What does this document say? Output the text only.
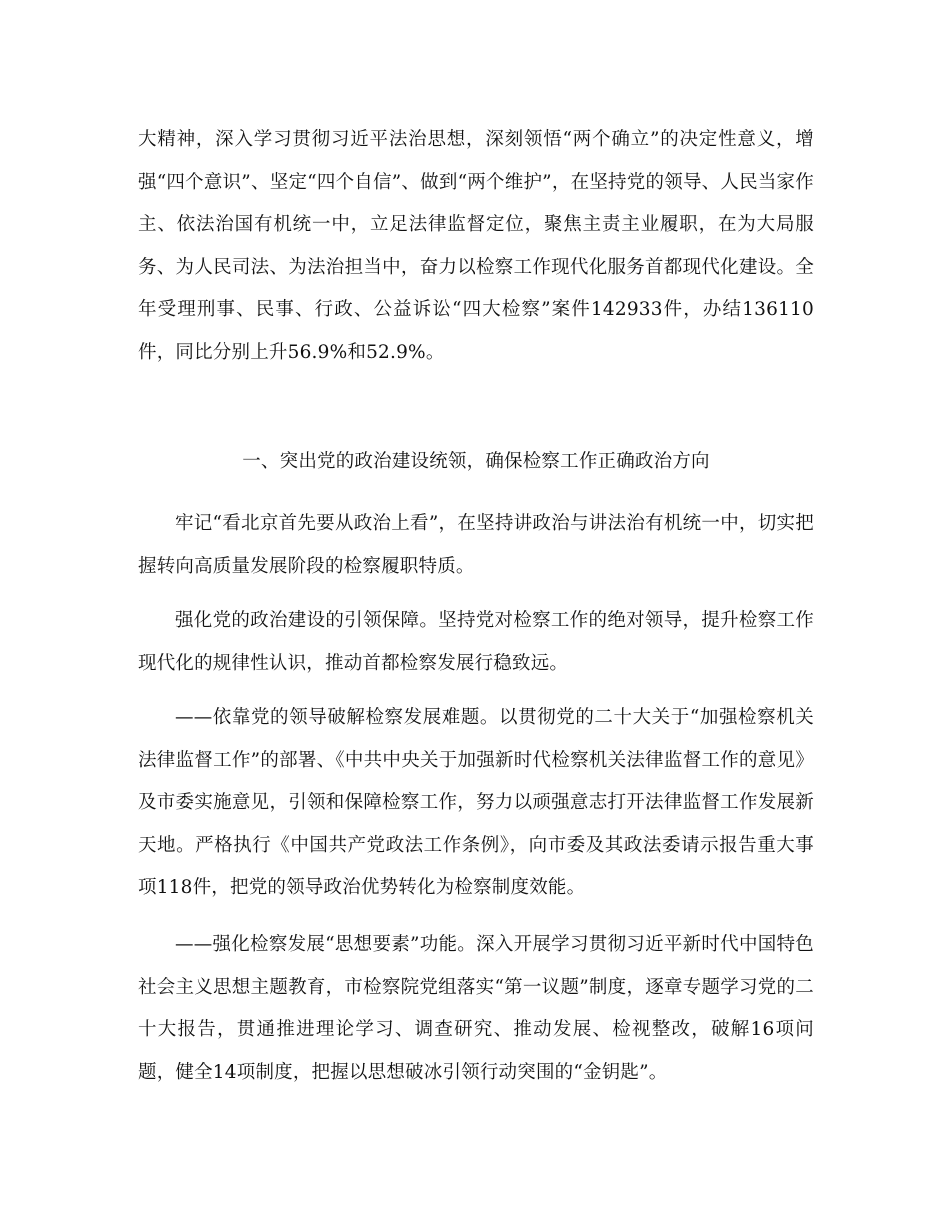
大精神，深入学习贯彻习近平法治思想，深刻领悟“两个确立”的决定性意义，增强“四个意识”、坚定“四个自信”、做到“两个维护”，在坚持党的领导、人民当家作主、依法治国有机统一中，立足法律监督定位，聚焦主责主业履职，在为大局服务、为人民司法、为法治担当中，奋力以检察工作现代化服务首都现代化建设。全年受理刑事、民事、行政、公益诉讼“四大检察”案件142933件，办结136110件，同比分别上升56.9%和52.9%。

一、突出党的政治建设统领，确保检察工作正确政治方向

牢记“看北京首先要从政治上看”，在坚持讲政治与讲法治有机统一中，切实把握转向高质量发展阶段的检察履职特质。

强化党的政治建设的引领保障。坚持党对检察工作的绝对领导，提升检察工作现代化的规律性认识，推动首都检察发展行稳致远。

——依靠党的领导破解检察发展难题。以贯彻党的二十大关于“加强检察机关法律监督工作”的部署、《中共中央关于加强新时代检察机关法律监督工作的意见》及市委实施意见，引领和保障检察工作，努力以顽强意志打开法律监督工作发展新天地。严格执行《中国共产党政法工作条例》，向市委及其政法委请示报告重大事项118件，把党的领导政治优势转化为检察制度效能。

——强化检察发展“思想要素”功能。深入开展学习贯彻习近平新时代中国特色社会主义思想主题教育，市检察院党组落实“第一议题”制度，逐章专题学习党的二十大报告，贯通推进理论学习、调查研究、推动发展、检视整改，破解16项问题，健全14项制度，把握以思想破冰引领行动突围的“金钥匙”。
